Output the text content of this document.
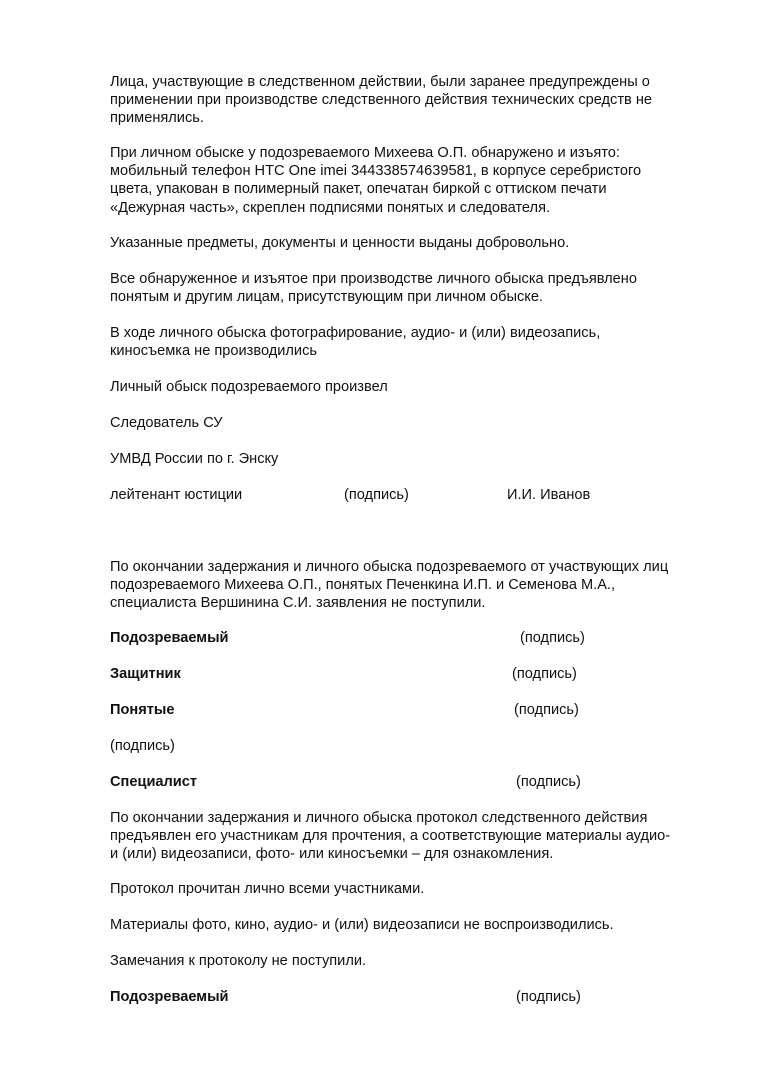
Лица, участвующие в следственном действии, были заранее предупреждены о
применении при производстве следственного действия технических средств не
применялись.

При личном обыске у подозреваемого Михеева О.П. обнаружено и изъято:
мобильный телефон HTC One imei 344338574639581, в корпусе серебристого
цвета, упакован в полимерный пакет, опечатан биркой с оттиском печати
«Дежурная часть», скреплен подписями понятых и следователя.

Указанные предметы, документы и ценности выданы добровольно.

Все обнаруженное и изъятое при производстве личного обыска предъявлено
понятым и другим лицам, присутствующим при личном обыске.

В ходе личного обыска фотографирование, аудио- и (или) видеозапись,
киносъемка не производились

Личный обыск подозреваемого произвел

Следователь СУ

УМВД России по г. Энску

лейтенант юстиции	(подпись)	И.И. Иванов

По окончании задержания и личного обыска подозреваемого от участвующих лиц
подозреваемого Михеева О.П., понятых Печенкина И.П. и Семенова М.А.,
специалиста Вершинина С.И. заявления не поступили.

Подозреваемый	(подпись)
Защитник	(подпись)
Понятые	(подпись)

(подпись)

Специалист	(подпись)

По окончании задержания и личного обыска протокол следственного действия
предъявлен его участникам для прочтения, а соответствующие материалы аудио-
и (или) видеозаписи, фото- или киносъемки – для ознакомления.

Протокол прочитан лично всеми участниками.

Материалы фото, кино, аудио- и (или) видеозаписи не воспроизводились.

Замечания к протоколу не поступили.

Подозреваемый	(подпись)
